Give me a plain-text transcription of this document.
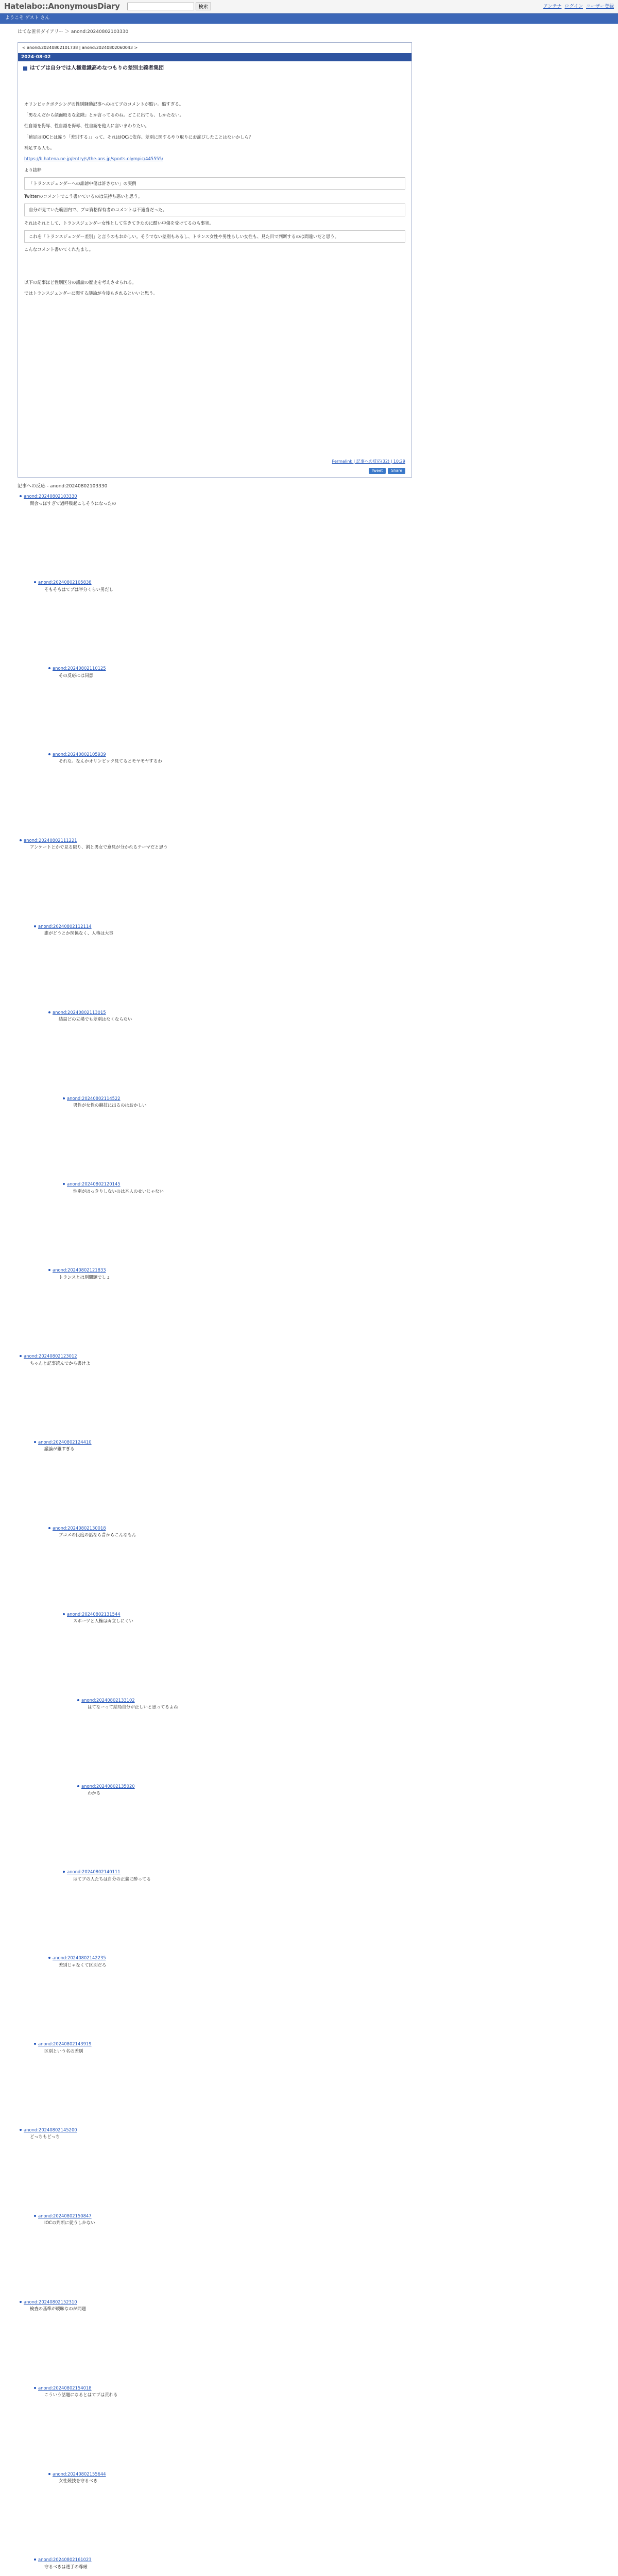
Hatelabo::AnonymousDiary	検索	アンテナ ログイン ユーザー登録
ようこそ ゲスト さん
はてな匿名ダイアリー ＞ anond:20240802103330
< anond:20240802101738 | anond:20240802060043 >
2024-08-02
はてブは自分では人権意識高めなつもりの差別主義者集団

オリンピックボクシングの性別騒動記事へのはてブのコメントが酷い。酷すぎる。

「男なんだから顔面殴るな危険」とか言ってるのね。どこに出ても、しかたない。

性自認を侮辱、性自認を侮辱、性自認を他人に言いまわりたい。

「補足はIOCとは違う「差別する」」って、それはIOCに依存。差別に関するやり取りにお詫びしたことはないかしら？

補足する人も。

https://b.hatena.ne.jp/entry/s/the-ans.jp/sports-olympic/445555/

より抜粋

「トランスジェンダーへの誹謗中傷は許さない」の実例

Twitterのコメントでこう書いているのは気持ち悪いと思う。

自分が見ていた範囲内で、プロ資格保有者のコメントは不適当だった。

それはそれとして、トランスジェンダー女性として生きてきたのに酷い中傷を受けてるのも事実。

これを「トランスジェンダー差別」と言うのもおかしい。そうでない差別もあるし、トランス女性や男性らしい女性も、見た目で判断するのは間違いだと思う。

こんなコメント書いてくれたまし。

以下の記事ほど性別区分の議論の歴史を考えさせられる。

ではトランスジェンダーに関する議論が今後もされるといいと思う。

Permalink | 記事への反応(32) | 10:29
Tweet	Share
記事への反応 - anond:20240802103330
anond:20240802103330
開会っぽすぎて過呼吸起こしそうになったの
anond:20240802105838
そもそもはてブは半分くらい男だし
anond:20240802110125
その反応には同意
anond:20240802105939
それな。なんかオリンピック見てるとモヤモヤするわ
anond:20240802111221
アンケートとかで見る限り、割と男女で意見が分かれるテーマだと思う
anond:20240802112114
誰がどうとか関係なく、人権は大事
anond:20240802113015
結局どの立場でも差別はなくならない
anond:20240802114522
男性が女性の競技に出るのはおかしい
anond:20240802120145
性別がはっきりしないのは本人のせいじゃない
anond:20240802121833
トランスとは別問題でしょ
anond:20240802123012
ちゃんと記事読んでから書けよ
anond:20240802124410
議論が雑すぎる
anond:20240802130018
ブコメの民度の話なら昔からこんなもん
anond:20240802131544
スポーツと人権は両立しにくい
anond:20240802133102
はてなーって結局自分が正しいと思ってるよね
anond:20240802135020
わかる
anond:20240802140111
はてブの人たちは自分の正義に酔ってる
anond:20240802142235
差別じゃなくて区別だろ
anond:20240802143919
区別という名の差別
anond:20240802145200
どっちもどっち
anond:20240802150847
IOCの判断に従うしかない
anond:20240802152310
検査の基準が曖昧なのが問題
anond:20240802154018
こういう話題になるとはてブは荒れる
anond:20240802155644
女性競技を守るべき
anond:20240802161023
守るべきは選手の尊厳
